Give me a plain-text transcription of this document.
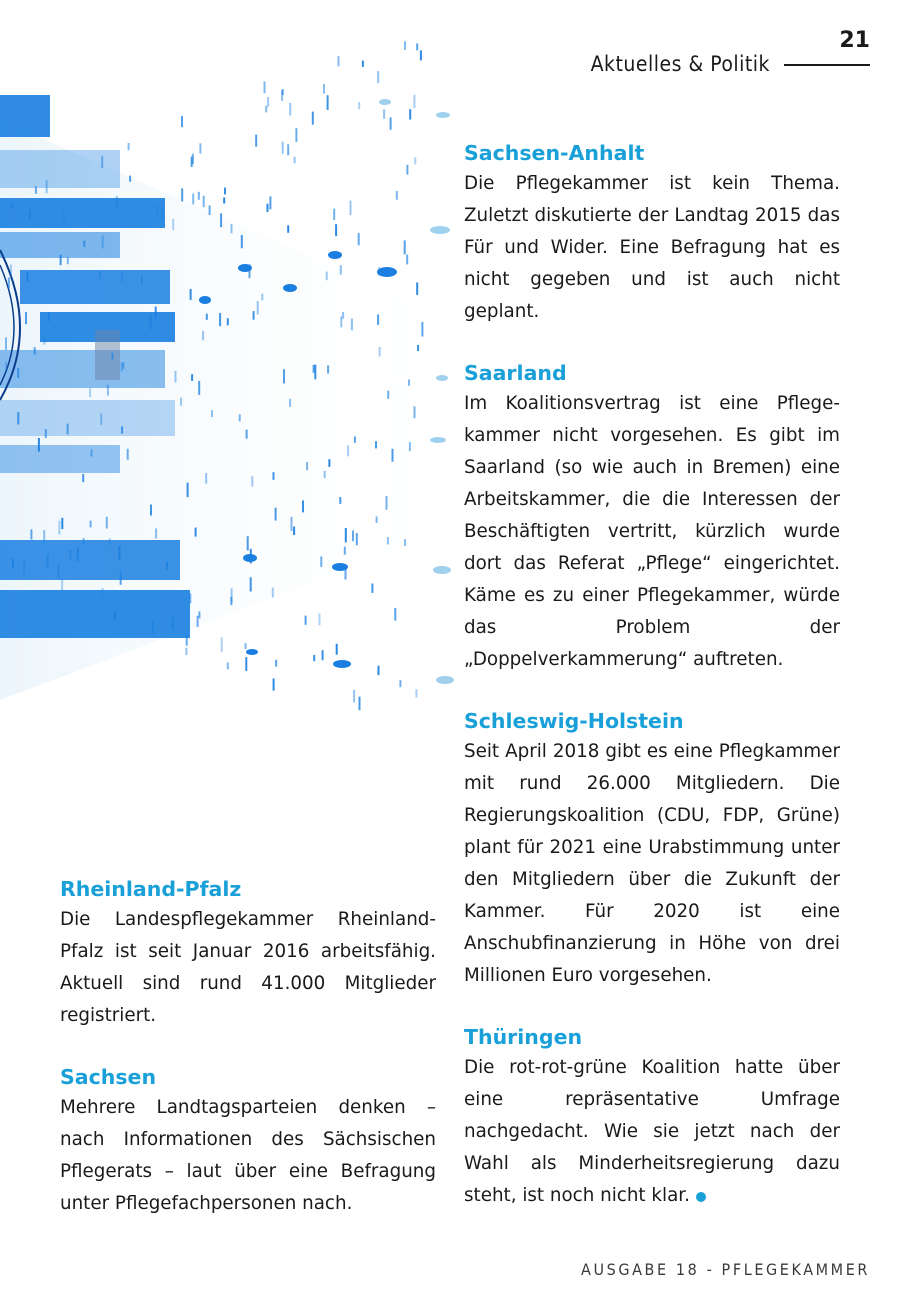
Aktuelles & Politik
21
Rheinland-Pfalz

Die Landespflegekammer Rheinland-Pfalz ist seit Januar 2016 arbeitsfähig. Aktuell sind rund 41.000 Mitglieder registriert.

Sachsen

Mehrere Landtagsparteien denken – nach Informationen des Sächsischen Pflegerats – laut über eine Befragung unter Pflegefachpersonen nach.

Sachsen-Anhalt

Die Pflegekammer ist kein Thema. Zuletzt diskutierte der Landtag 2015 das Für und Wider. Eine Befragung hat es nicht gegeben und ist auch nicht geplant.

Saarland

Im Koalitionsvertrag ist eine Pflegekammer nicht vorgesehen. Es gibt im Saarland (so wie auch in Bremen) eine Arbeitskammer, die die Interessen der Beschäftigten vertritt, kürzlich wurde dort das Referat „Pflege“ eingerichtet. Käme es zu einer Pflegekammer, würde das Problem der „Doppelverkammerung“ auftreten.

Schleswig-Holstein

Seit April 2018 gibt es eine Pflegkammer mit rund 26.000 Mitgliedern. Die Regierungskoalition (CDU, FDP, Grüne) plant für 2021 eine Urabstimmung unter den Mitgliedern über die Zukunft der Kammer. Für 2020 ist eine Anschubfinanzierung in Höhe von drei Millionen Euro vorgesehen.

Thüringen

Die rot-rot-grüne Koalition hatte über eine repräsentative Umfrage nachgedacht. Wie sie jetzt nach der Wahl als Minderheitsregierung dazu steht, ist noch nicht klar.

AUSGABE 18 - PFLEGEKAMMER
